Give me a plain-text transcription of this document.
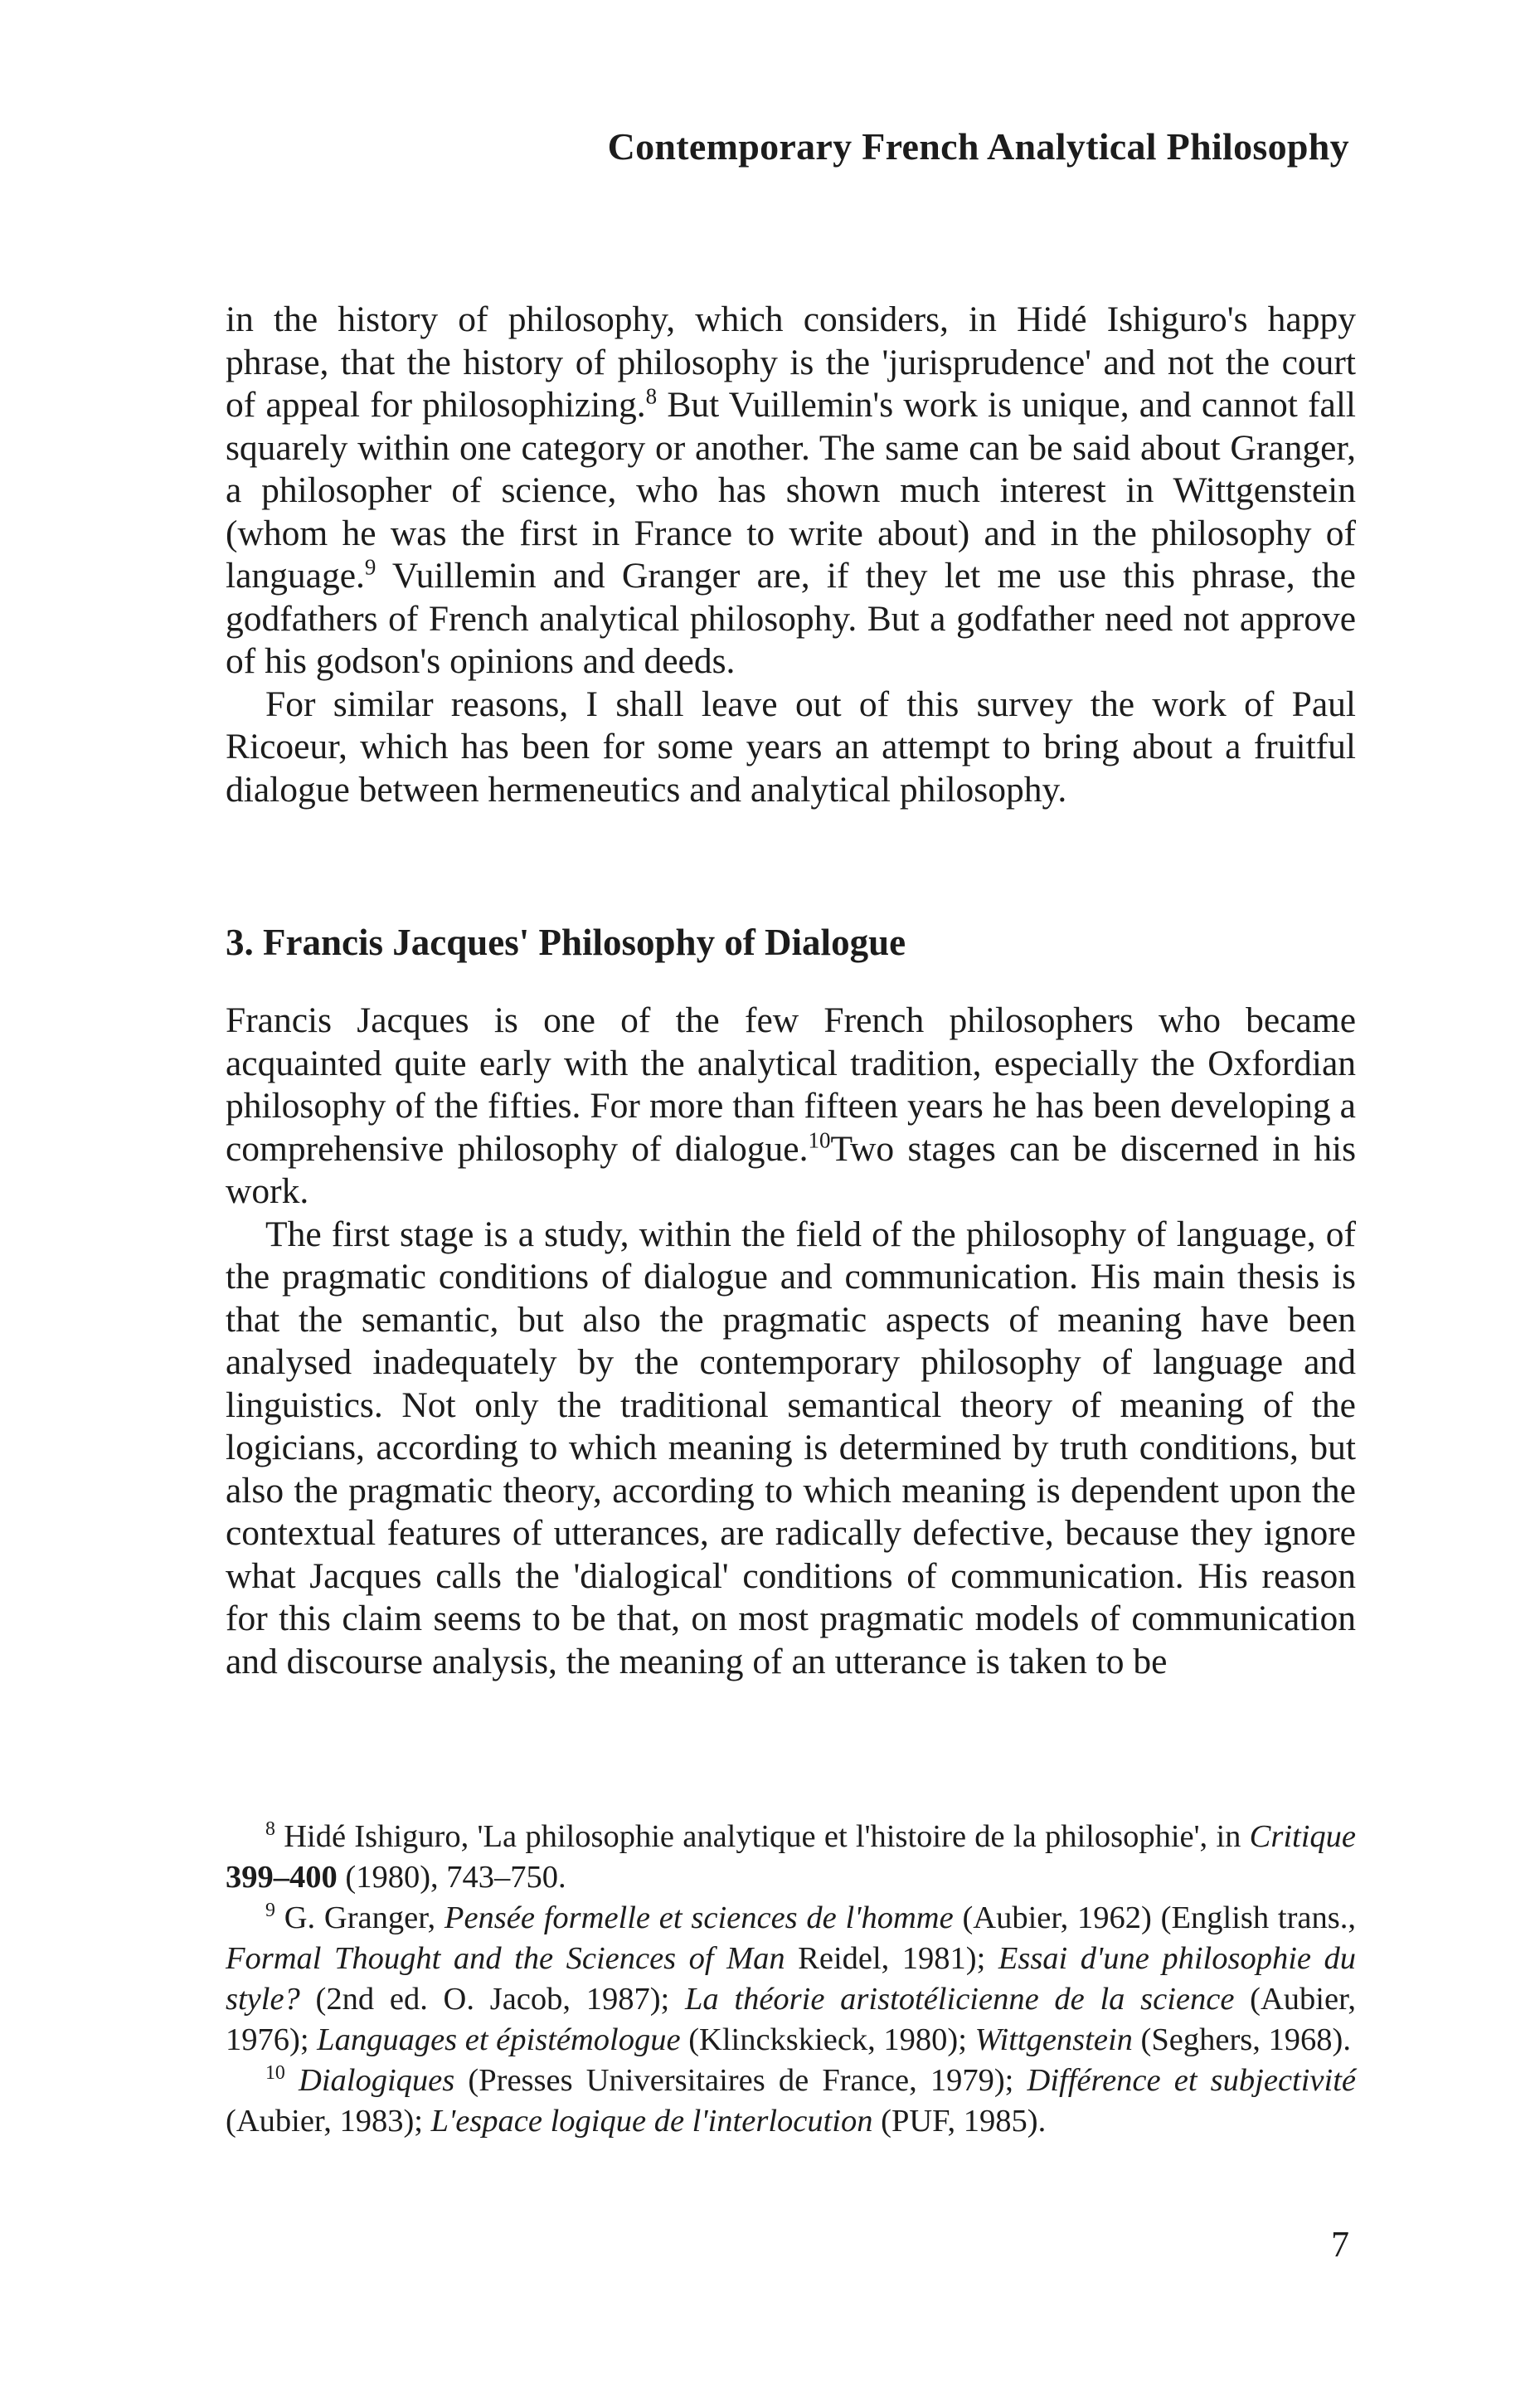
Contemporary French Analytical Philosophy

in the history of philosophy, which considers, in Hidé Ishiguro's happy phrase, that the history of philosophy is the 'jurisprudence' and not the court of appeal for philosophizing.$^8$ But Vuillemin's work is unique, and cannot fall squarely within one category or another. The same can be said about Granger, a philosopher of science, who has shown much interest in Wittgenstein (whom he was the first in France to write about) and in the philosophy of language.$^9$ Vuillemin and Granger are, if they let me use this phrase, the godfathers of French analytical philosophy. But a godfather need not approve of his godson's opinions and deeds.

For similar reasons, I shall leave out of this survey the work of Paul Ricoeur, which has been for some years an attempt to bring about a fruitful dialogue between hermeneutics and analytical philosophy.

3. Francis Jacques' Philosophy of Dialogue

Francis Jacques is one of the few French philosophers who became acquainted quite early with the analytical tradition, especially the Oxfordian philosophy of the fifties. For more than fifteen years he has been developing a comprehensive philosophy of dialogue.$^{10}$Two stages can be discerned in his work.

The first stage is a study, within the field of the philosophy of language, of the pragmatic conditions of dialogue and communication. His main thesis is that the semantic, but also the pragmatic aspects of meaning have been analysed inadequately by the contemporary philosophy of language and linguistics. Not only the traditional semantical theory of meaning of the logicians, according to which meaning is determined by truth conditions, but also the pragmatic theory, according to which meaning is dependent upon the contextual features of utterances, are radically defective, because they ignore what Jacques calls the 'dialogical' conditions of communication. His reason for this claim seems to be that, on most pragmatic models of communication and discourse analysis, the meaning of an utterance is taken to be

$^8$ Hidé Ishiguro, 'La philosophie analytique et l'histoire de la philosophie', in Critique 399–400 (1980), 743–750.

$^9$ G. Granger, Pensée formelle et sciences de l'homme (Aubier, 1962) (English trans., Formal Thought and the Sciences of Man Reidel, 1981); Essai d'une philosophie du style? (2nd ed. O. Jacob, 1987); La théorie aristotélicienne de la science (Aubier, 1976); Languages et épistémologue (Klinckskieck, 1980); Wittgenstein (Seghers, 1968).

$^{10}$ Dialogiques (Presses Universitaires de France, 1979); Différence et subjectivité (Aubier, 1983); L'espace logique de l'interlocution (PUF, 1985).

7
